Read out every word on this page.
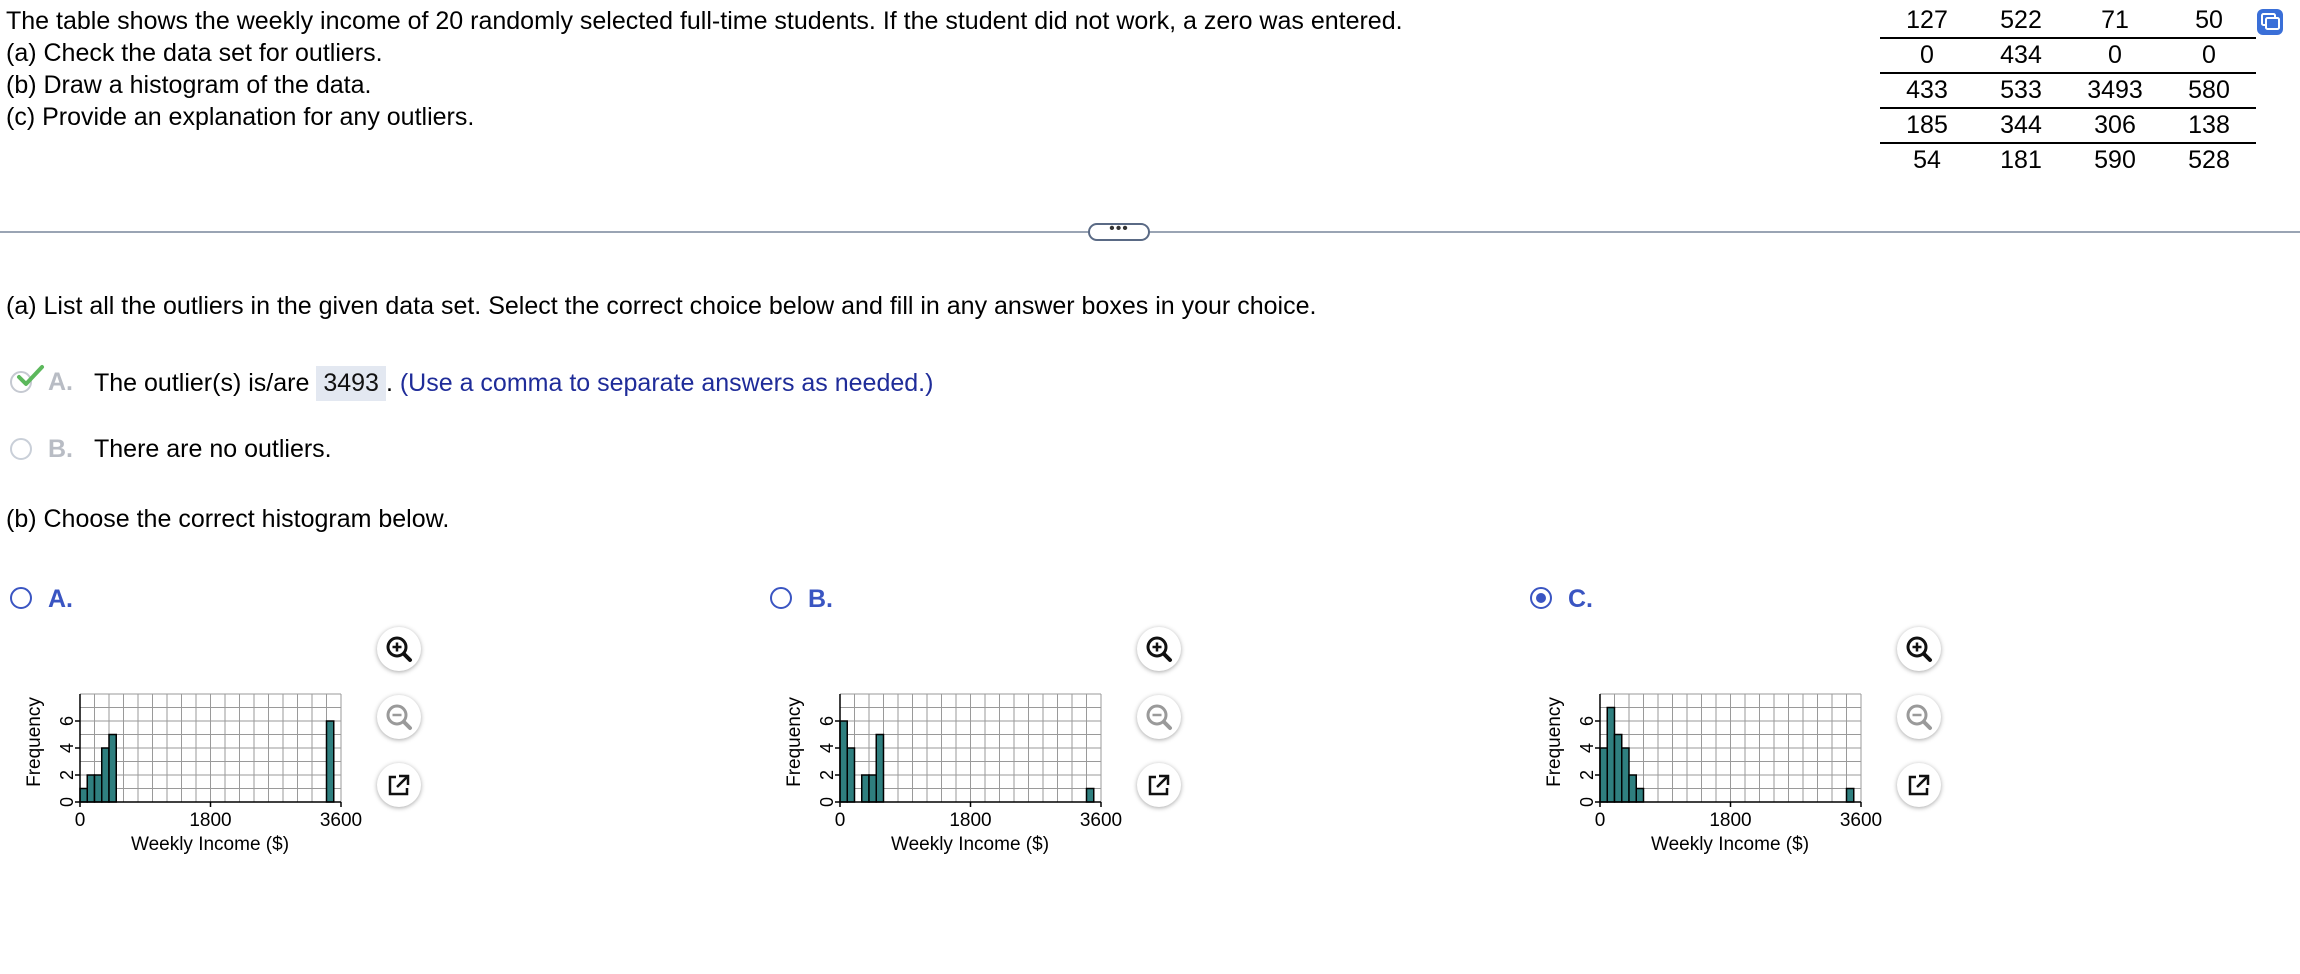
The table shows the weekly income of 20 randomly selected full-time students. If the student did not work, a zero was entered.
(a) Check the data set for outliers.
(b) Draw a histogram of the data.
(c) Provide an explanation for any outliers.
127	522	71	50
0	434	0	0
433	533	3493	580
185	344	306	138
54	181	590	528
•••
(a) List all the outliers in the given data set. Select the correct choice below and fill in any answer boxes in your choice.
A. The outlier(s) is/are 3493 . (Use a comma to separate answers as needed.)
B. There are no outliers.
(b) Choose the correct histogram below.
A.
0
2
4
6
0	1800	3600
Weekly Income ($)
Frequency
B.
0
2
4
6
0	1800	3600
Weekly Income ($)
Frequency
C.
0
2
4
6
0	1800	3600
Weekly Income ($)
Frequency
